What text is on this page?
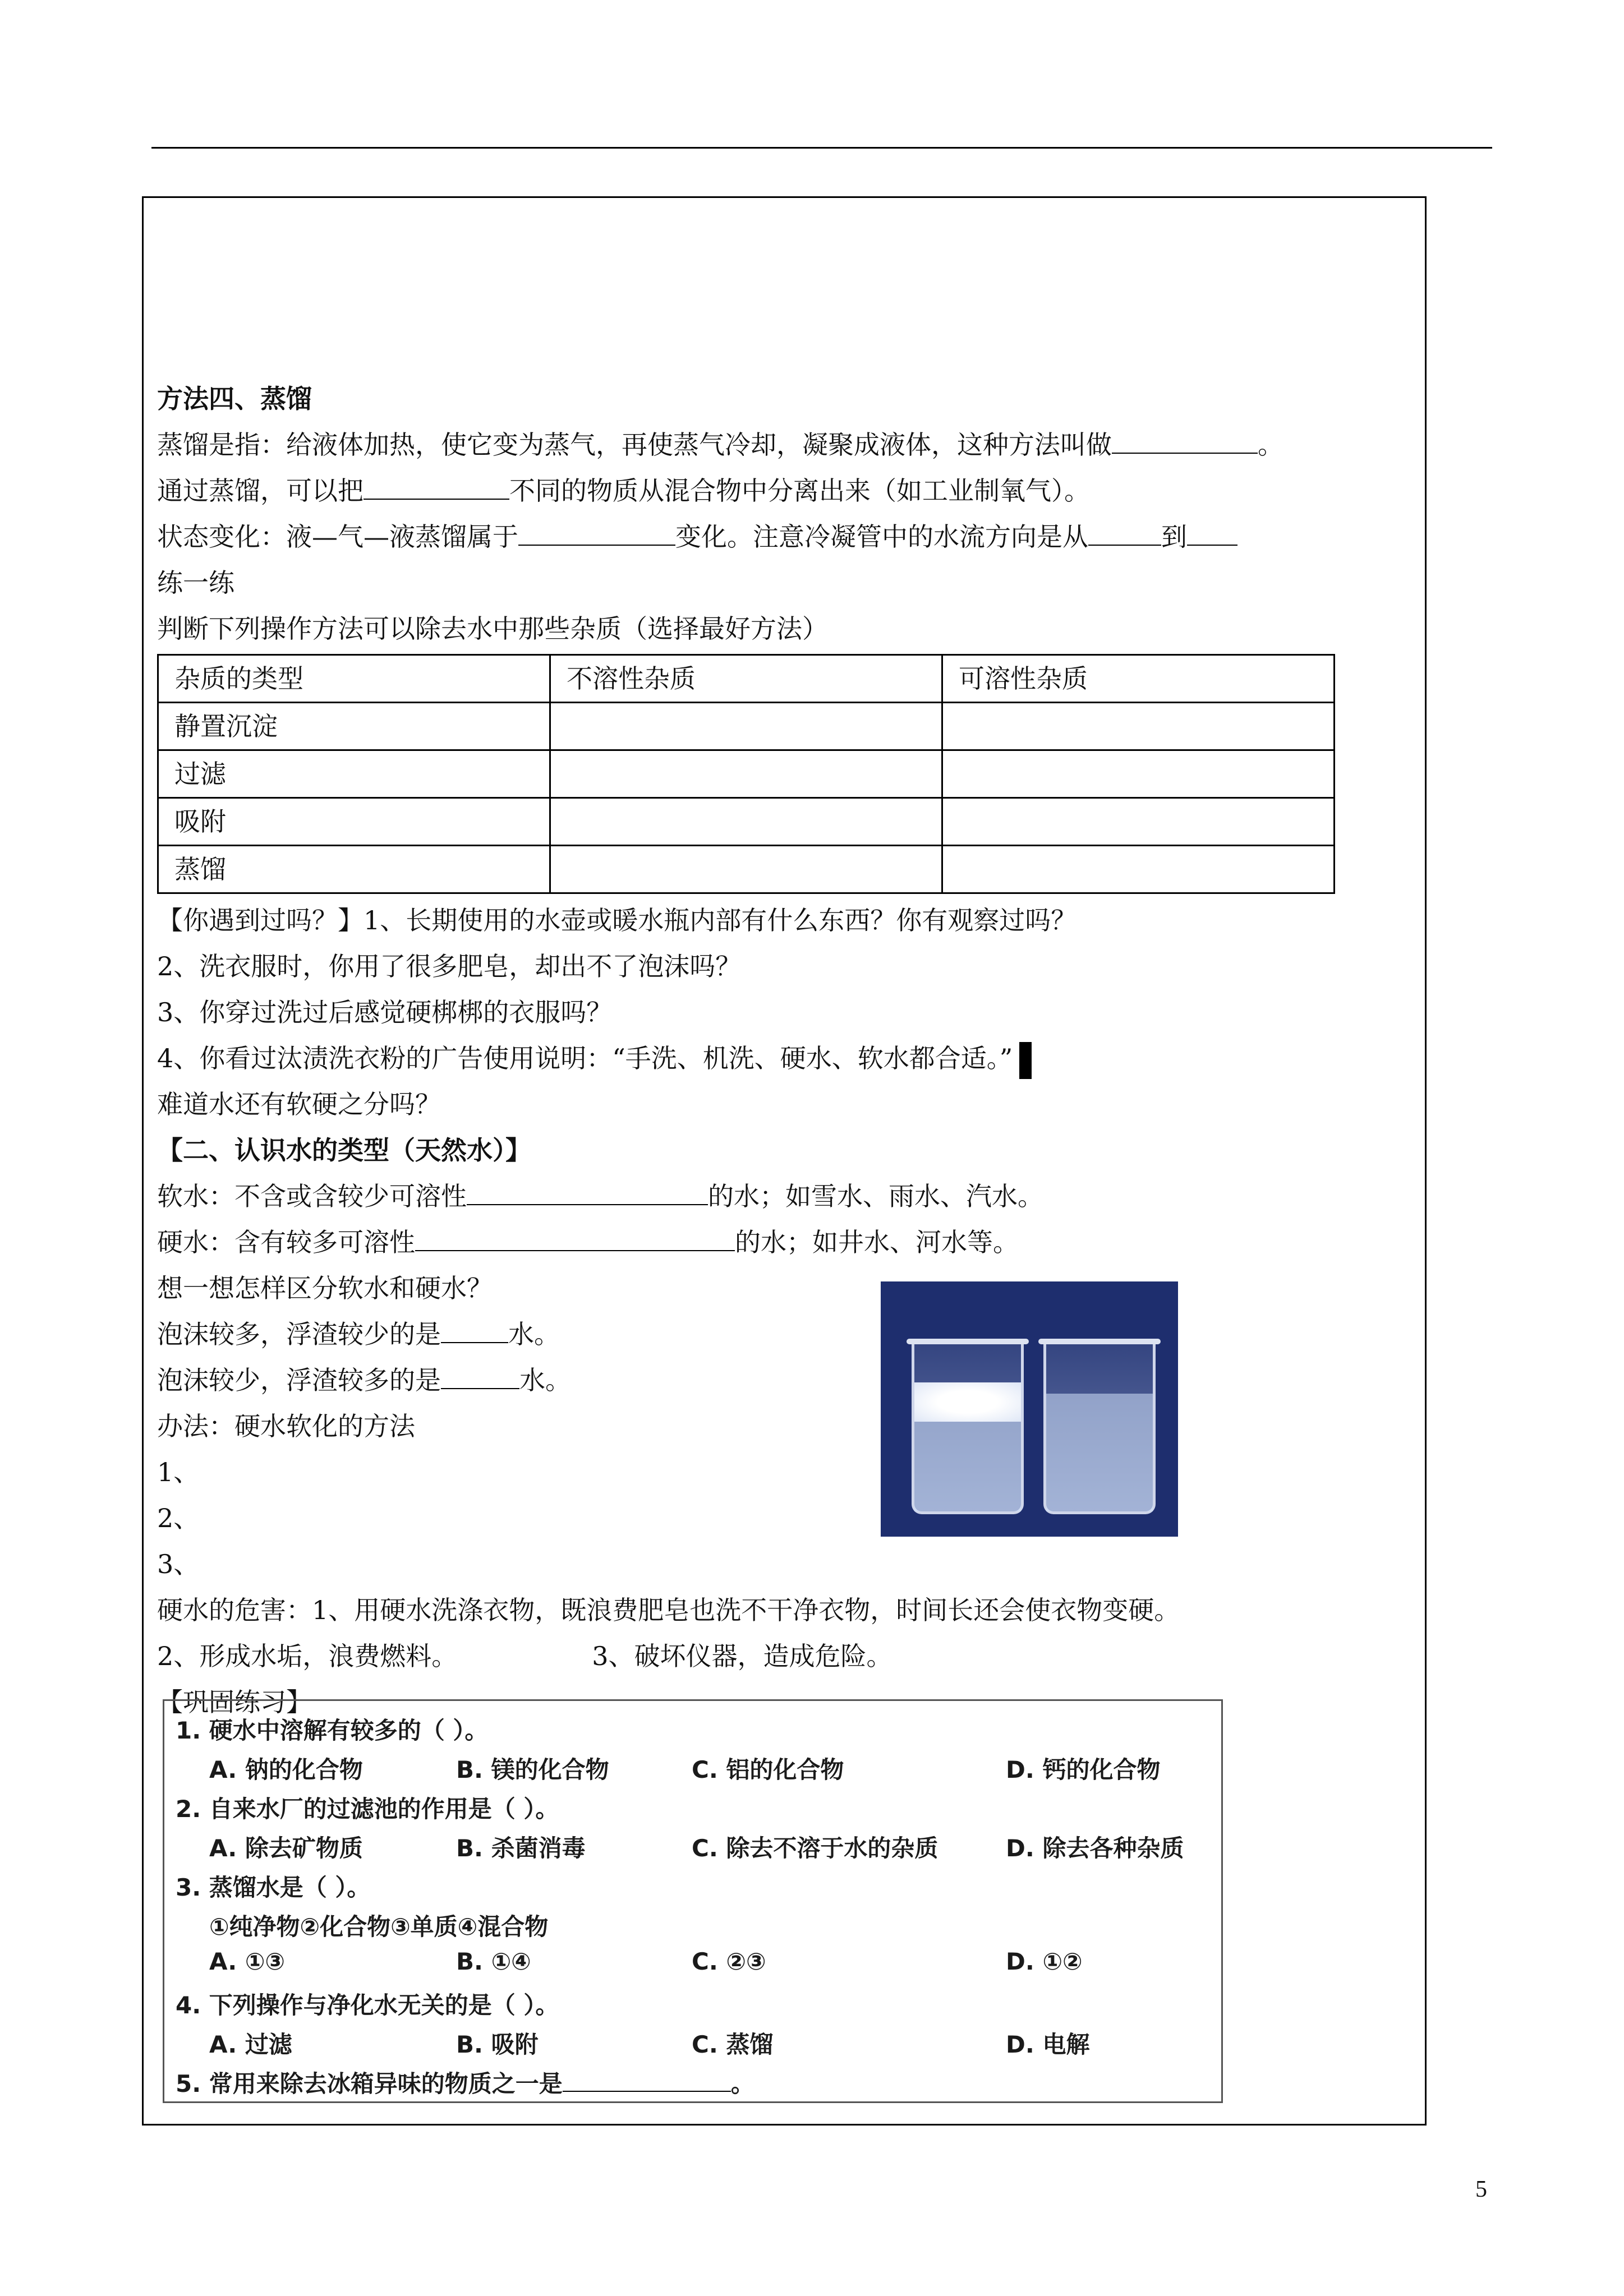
方法四、蒸馏
蒸馏是指：给液体加热，使它变为蒸气，再使蒸气冷却，凝聚成液体，这种方法叫做	。
通过蒸馏，可以把	不同的物质从混合物中分离出来（如工业制氧气）。
状态变化：液—气—液蒸馏属于	变化。注意冷凝管中的水流方向是从	到
练一练
判断下列操作方法可以除去水中那些杂质（选择最好方法）
杂质的类型	不溶性杂质	可溶性杂质
静置沉淀		
过滤		
吸附		
蒸馏		
【你遇到过吗？】1、长期使用的水壶或暖水瓶内部有什么东西？你有观察过吗？
2、洗衣服时，你用了很多肥皂，却出不了泡沫吗？
3、你穿过洗过后感觉硬梆梆的衣服吗？
4、你看过汰渍洗衣粉的广告使用说明：“手洗、机洗、硬水、软水都合适。”
难道水还有软硬之分吗？
【二、认识水的类型（天然水）】
软水：不含或含较少可溶性	的水；如雪水、雨水、汽水。
硬水：含有较多可溶性	的水；如井水、河水等。
想一想怎样区分软水和硬水？
泡沫较多，浮渣较少的是	水。
泡沫较少，浮渣较多的是	水。
办法：硬水软化的方法
1、
2、
3、
硬水的危害：1、用硬水洗涤衣物，既浪费肥皂也洗不干净衣物，时间长还会使衣物变硬。
2、形成水垢，浪费燃料。	3、破坏仪器，造成危险。
【巩固练习】
1. 硬水中溶解有较多的（ ）。
A. 钠的化合物	B. 镁的化合物	C. 铝的化合物	D. 钙的化合物
2. 自来水厂的过滤池的作用是（ ）。
A. 除去矿物质	B. 杀菌消毒	C. 除去不溶于水的杂质	D. 除去各种杂质
3. 蒸馏水是（ ）。
①纯净物②化合物③单质④混合物
A. ①③	B. ①④	C. ②③	D. ①②
4. 下列操作与净化水无关的是（ ）。
A. 过滤	B. 吸附	C. 蒸馏	D. 电解
5. 常用来除去冰箱异味的物质之一是	。
5
